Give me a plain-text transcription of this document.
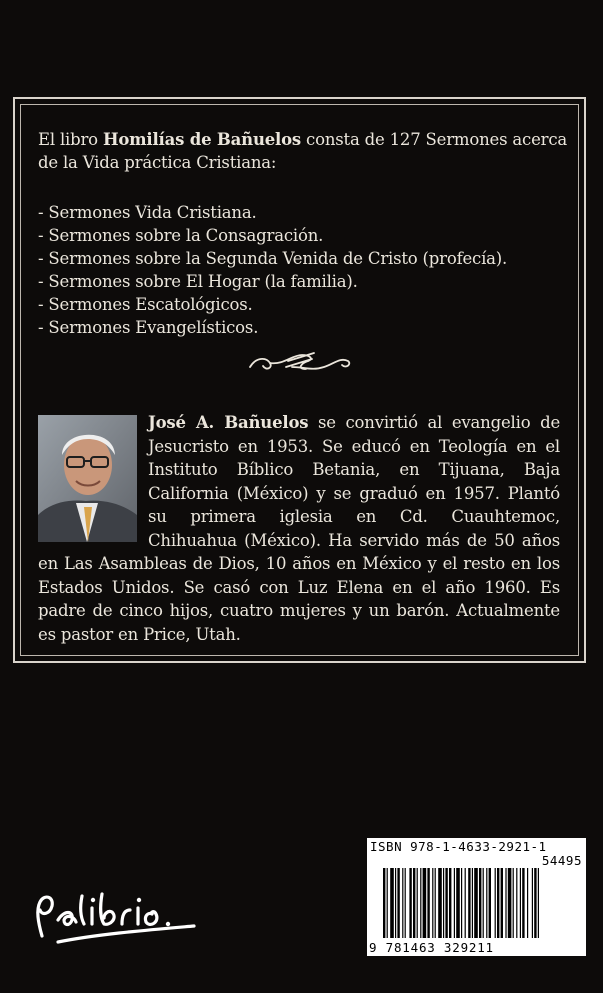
El libro Homilías de Bañuelos consta de 127 Sermones acerca de la Vida práctica Cristiana:
- Sermones Vida Cristiana.
- Sermones sobre la Consagración.
- Sermones sobre la Segunda Venida de Cristo (profecía).
- Sermones sobre El Hogar (la familia).
- Sermones Escatológicos.
- Sermones Evangelísticos.
José A. Bañuelos se convirtió al evangelio de Jesucristo en 1953. Se educó en Teología en el Instituto Bíblico Betania, en Tijuana, Baja California (México) y se graduó en 1957. Plantó su primera iglesia en Cd. Cuauhtemoc, Chihuahua (México). Ha servido más de 50 años en Las Asambleas de Dios, 10 años en México y el resto en los Estados Unidos. Se casó con Luz Elena en el año 1960. Es padre de cinco hijos, cuatro mujeres y un barón. Actualmente es pastor en Price, Utah.
ISBN 978-1-4633-2921-1
54495
9 781463 329211
